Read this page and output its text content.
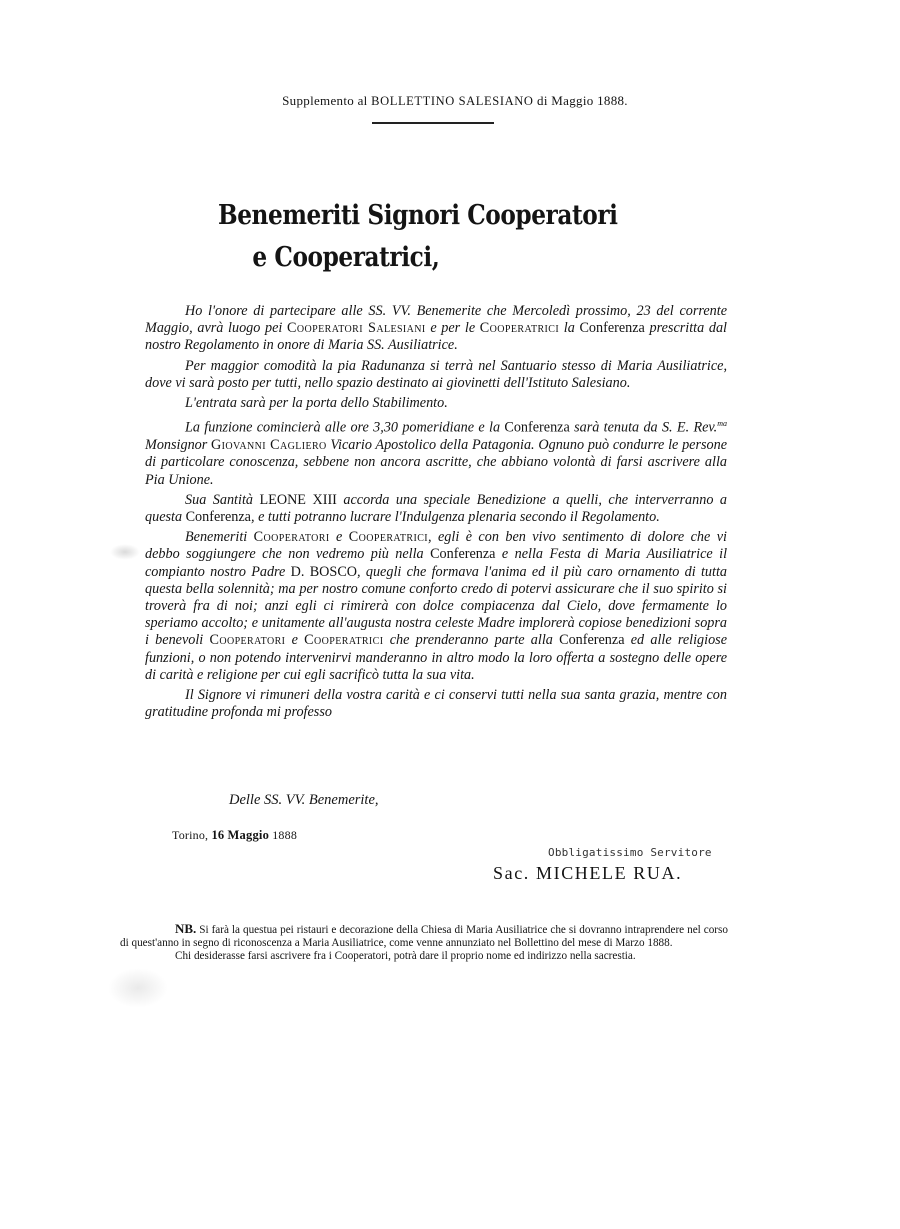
Supplemento al BOLLETTINO SALESIANO di Maggio 1888.
Benemeriti Signori Cooperatori
e Cooperatrici,

Ho l'onore di partecipare alle SS. VV. Benemerite che Mercoledì prossimo, 23 del corrente Maggio, avrà luogo pei Cooperatori Salesiani e per le Cooperatrici la Conferenza prescritta dal nostro Regolamento in onore di Maria SS. Ausiliatrice.

Per maggior comodità la pia Radunanza si terrà nel Santuario stesso di Maria Ausiliatrice, dove vi sarà posto per tutti, nello spazio destinato ai giovinetti dell'Istituto Salesiano.

L'entrata sarà per la porta dello Stabilimento.

La funzione comincierà alle ore 3,30 pomeridiane e la Conferenza sarà tenuta da S. E. Rev.$^{ma}$ Monsignor Giovanni Cagliero Vicario Apostolico della Patagonia. Ognuno può condurre le persone di particolare conoscenza, sebbene non ancora ascritte, che abbiano volontà di farsi ascrivere alla Pia Unione.

Sua Santità LEONE XIII accorda una speciale Benedizione a quelli, che interverranno a questa Conferenza, e tutti potranno lucrare l'Indulgenza plenaria secondo il Regolamento.

Benemeriti Cooperatori e Cooperatrici, egli è con ben vivo sentimento di dolore che vi debbo soggiungere che non vedremo più nella Conferenza e nella Festa di Maria Ausiliatrice il compianto nostro Padre D. BOSCO, quegli che formava l'anima ed il più caro ornamento di tutta questa bella solennità; ma per nostro comune conforto credo di potervi assicurare che il suo spirito si troverà fra di noi; anzi egli ci rimirerà con dolce compiacenza dal Cielo, dove fermamente lo speriamo accolto; e unitamente all'augusta nostra celeste Madre implorerà copiose benedizioni sopra i benevoli Cooperatori e Cooperatrici che prenderanno parte alla Conferenza ed alle religiose funzioni, o non potendo intervenirvi manderanno in altro modo la loro offerta a sostegno delle opere di carità e religione per cui egli sacrificò tutta la sua vita.

Il Signore vi rimuneri della vostra carità e ci conservi tutti nella sua santa grazia, mentre con gratitudine profonda mi professo

Delle SS. VV. Benemerite,
Torino, 16 Maggio 1888
Obbligatissimo Servitore
Sac. MICHELE RUA.

NB. Si farà la questua pei ristauri e decorazione della Chiesa di Maria Ausiliatrice che si dovranno intraprendere nel corso di quest'anno in segno di riconoscenza a Maria Ausiliatrice, come venne annunziato nel Bollettino del mese di Marzo 1888.

Chi desiderasse farsi ascrivere fra i Cooperatori, potrà dare il proprio nome ed indirizzo nella sacrestia.
